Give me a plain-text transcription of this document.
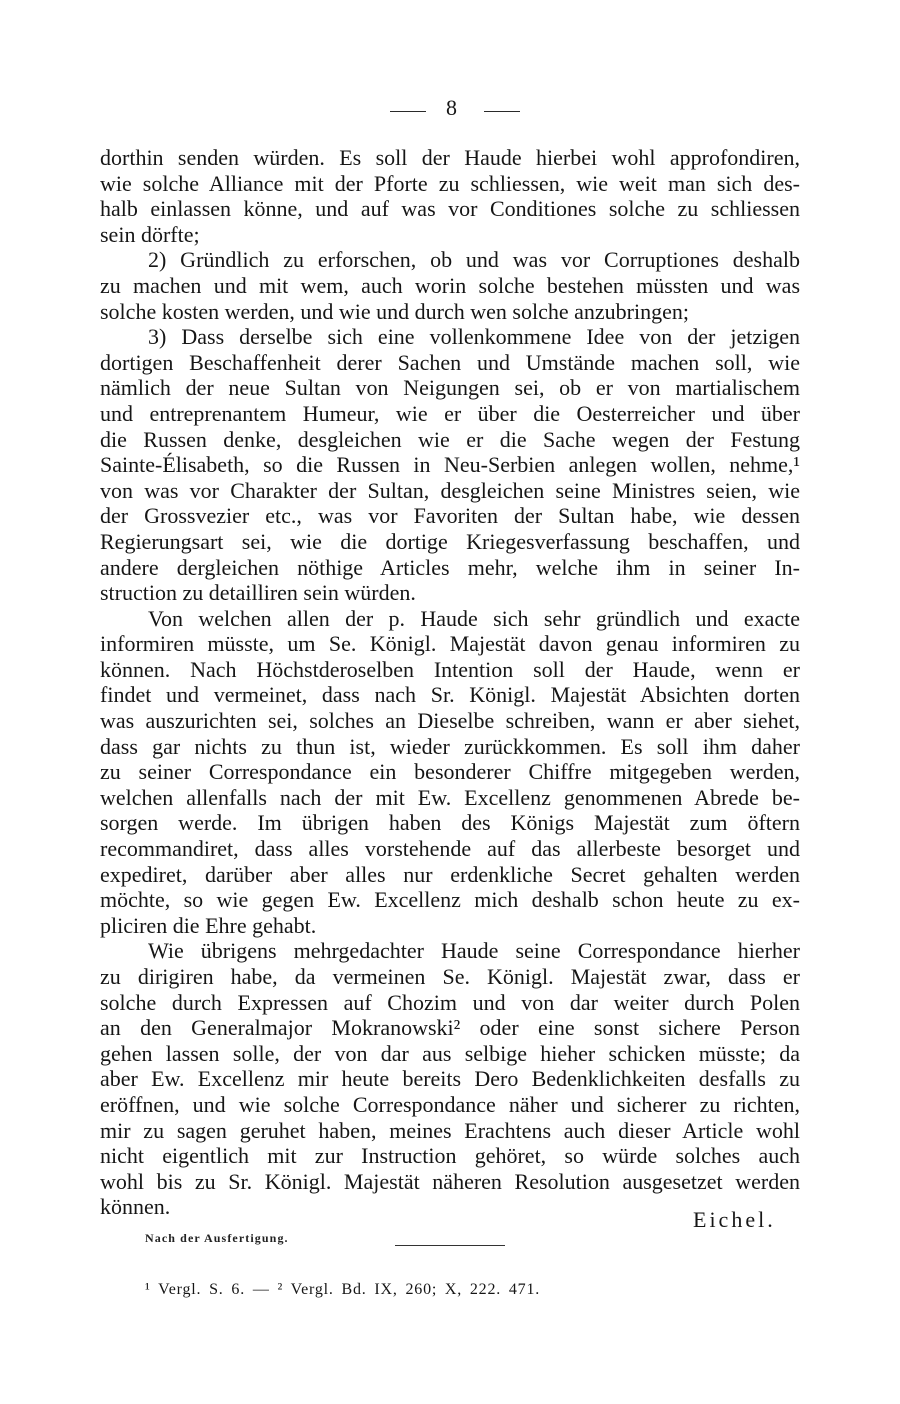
8
dorthin senden würden. Es soll der Haude hierbei wohl approfondiren,
wie solche Alliance mit der Pforte zu schliessen, wie weit man sich des-
halb einlassen könne, und auf was vor Conditiones solche zu schliessen
sein dörfte;
2) Gründlich zu erforschen, ob und was vor Corruptiones deshalb
zu machen und mit wem, auch worin solche bestehen müssten und was
solche kosten werden, und wie und durch wen solche anzubringen;
3) Dass derselbe sich eine vollenkommene Idee von der jetzigen
dortigen Beschaffenheit derer Sachen und Umstände machen soll, wie
nämlich der neue Sultan von Neigungen sei, ob er von martialischem
und entreprenantem Humeur, wie er über die Oesterreicher und über
die Russen denke, desgleichen wie er die Sache wegen der Festung
Sainte-Élisabeth, so die Russen in Neu-Serbien anlegen wollen, nehme,¹
von was vor Charakter der Sultan, desgleichen seine Ministres seien, wie
der Grossvezier etc., was vor Favoriten der Sultan habe, wie dessen
Regierungsart sei, wie die dortige Kriegesverfassung beschaffen, und
andere dergleichen nöthige Articles mehr, welche ihm in seiner In-
struction zu detailliren sein würden.
Von welchen allen der p. Haude sich sehr gründlich und exacte
informiren müsste, um Se. Königl. Majestät davon genau informiren zu
können. Nach Höchstderoselben Intention soll der Haude, wenn er
findet und vermeinet, dass nach Sr. Königl. Majestät Absichten dorten
was auszurichten sei, solches an Dieselbe schreiben, wann er aber siehet,
dass gar nichts zu thun ist, wieder zurückkommen. Es soll ihm daher
zu seiner Correspondance ein besonderer Chiffre mitgegeben werden,
welchen allenfalls nach der mit Ew. Excellenz genommenen Abrede be-
sorgen werde. Im übrigen haben des Königs Majestät zum öftern
recommandiret, dass alles vorstehende auf das allerbeste besorget und
expediret, darüber aber alles nur erdenkliche Secret gehalten werden
möchte, so wie gegen Ew. Excellenz mich deshalb schon heute zu ex-
pliciren die Ehre gehabt.
Wie übrigens mehrgedachter Haude seine Correspondance hierher
zu dirigiren habe, da vermeinen Se. Königl. Majestät zwar, dass er
solche durch Expressen auf Chozim und von dar weiter durch Polen
an den Generalmajor Mokranowski² oder eine sonst sichere Person
gehen lassen solle, der von dar aus selbige hieher schicken müsste; da
aber Ew. Excellenz mir heute bereits Dero Bedenklichkeiten desfalls zu
eröffnen, und wie solche Correspondance näher und sicherer zu richten,
mir zu sagen geruhet haben, meines Erachtens auch dieser Article wohl
nicht eigentlich mit zur Instruction gehöret, so würde solches auch
wohl bis zu Sr. Königl. Majestät näheren Resolution ausgesetzet werden
können.
Eichel.
Nach der Ausfertigung.
¹ Vergl. S. 6. — ² Vergl. Bd. IX, 260; X, 222. 471.
